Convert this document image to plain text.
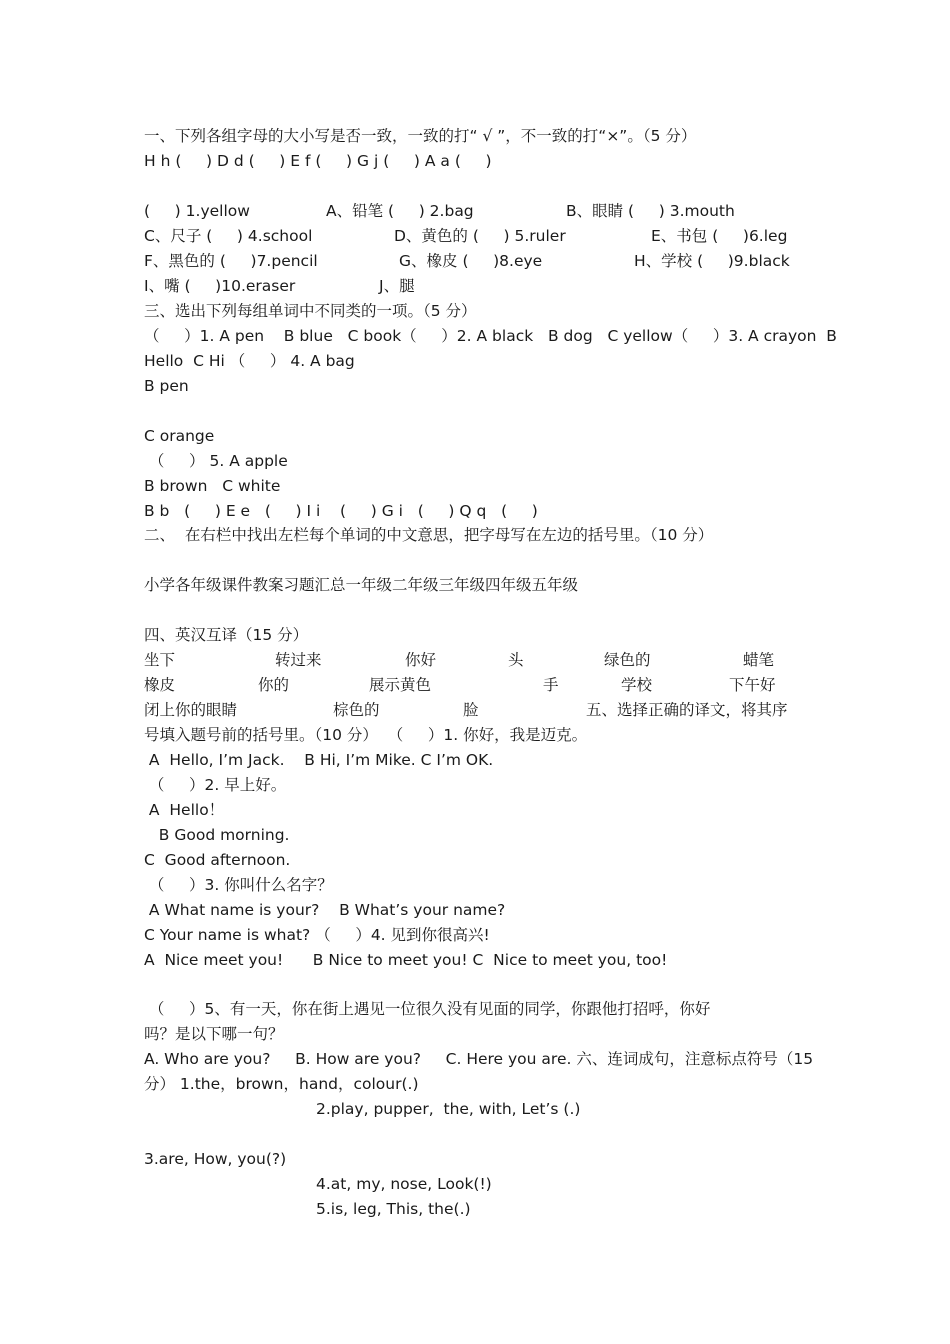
一、下列各组字母的大小写是否一致，一致的打“ √ ”，不一致的打“×”。（5 分）
H h (     ) D d (     ) E f (     ) G j (     ) A a (     )
(     ) 1.yellow	A、铅笔 (     ) 2.bag	B、眼睛 (     ) 3.mouth
C、尺子 (     ) 4.school	D、黄色的 (     ) 5.ruler	E、书包 (     )6.leg
F、黑色的 (     )7.pencil	G、橡皮 (     )8.eye	H、学校 (     )9.black
I、嘴 (     )10.eraser	J、腿
三、选出下列每组单词中不同类的一项。（5 分）
（     ）1. A pen    B blue   C book（     ）2. A black   B dog   C yellow（     ）3. A crayon  B
Hello  C Hi （     ） 4. A bag
B pen
C orange
（     ） 5. A apple
B brown   C white
B b   (     ) E e   (     ) I i    (     ) G i   (     ) Q q   (     )
二、  在右栏中找出左栏每个单词的中文意思，把字母写在左边的括号里。（10 分）
小学各年级课件教案习题汇总一年级二年级三年级四年级五年级
四、英汉互译（15 分）
坐下	转过来	你好	头	绿色的	蜡笔
橡皮	你的	展示黄色	手	学校	下午好
闭上你的眼睛	棕色的	脸	五、选择正确的译文，将其序
号填入题号前的括号里。（10 分）  （     ）1. 你好，我是迈克。
A  Hello, I’m Jack.    B Hi, I’m Mike. C I’m OK.
（     ）2. 早上好。
A  Hello！
B Good morning.
C  Good afternoon.
（     ）3. 你叫什么名字？
A What name is your?    B What’s your name?
C Your name is what? （     ）4. 见到你很高兴!
A  Nice meet you!      B Nice to meet you! C  Nice to meet you, too!
（     ）5、有一天，你在街上遇见一位很久没有见面的同学，你跟他打招呼，你好
吗？是以下哪一句？
A. Who are you?     B. How are you?     C. Here you are. 六、连词成句，注意标点符号（15
分） 1.the，brown，hand，colour(.)
2.play, pupper,  the, with, Let’s (.)
3.are, How, you(?)
4.at, my, nose, Look(!)
5.is, leg, This, the(.)
